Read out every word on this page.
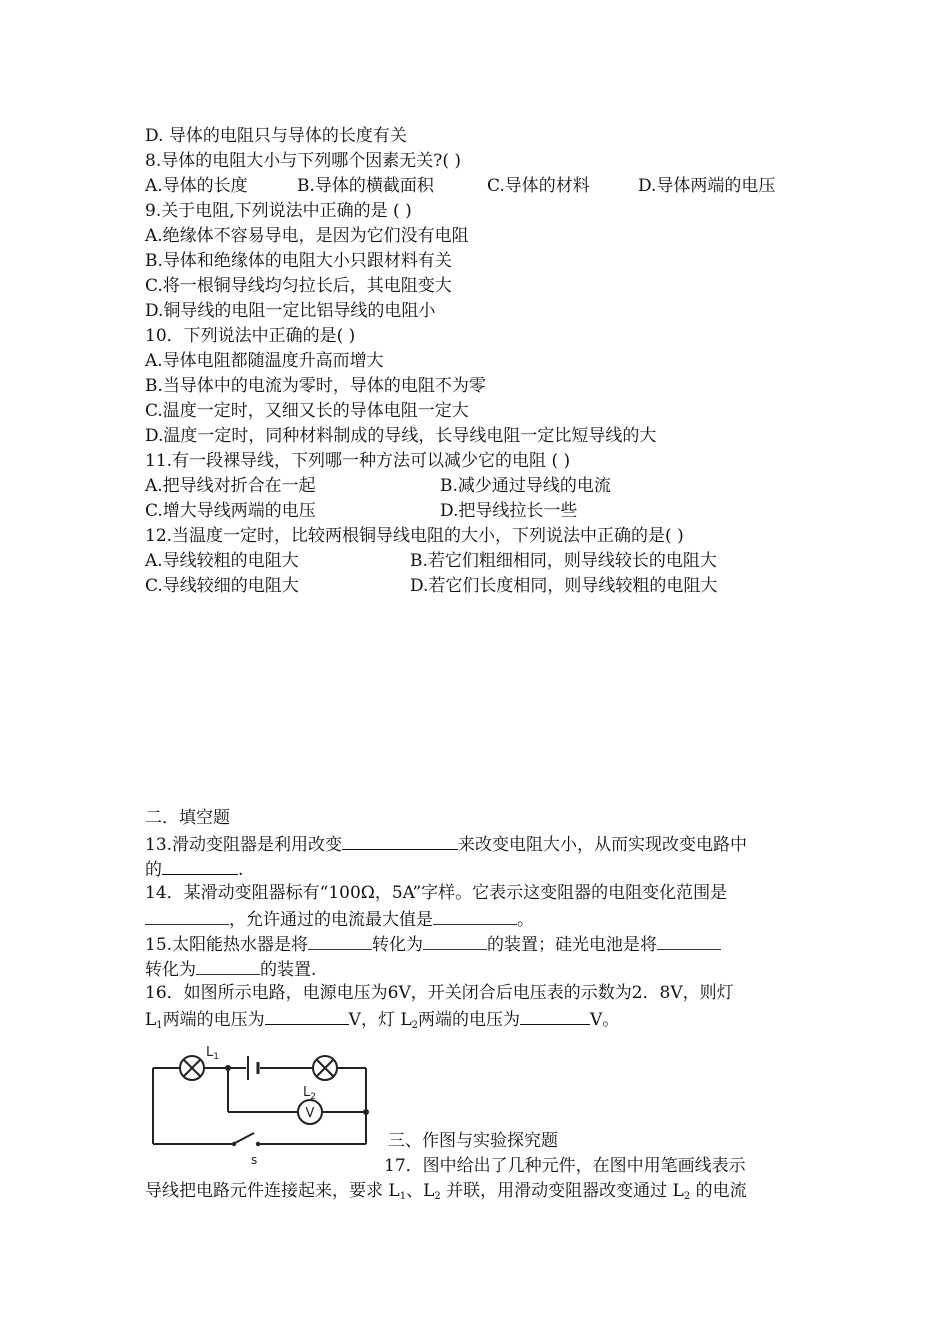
D. 导体的电阻只与导体的长度有关
8.导体的电阻大小与下列哪个因素无关?( )
A.导体的长度	B.导体的横截面积	C.导体的材料	D.导体两端的电压
9.关于电阻,下列说法中正确的是 ( )
A.绝缘体不容易导电，是因为它们没有电阻
B.导体和绝缘体的电阻大小只跟材料有关
C.将一根铜导线均匀拉长后，其电阻变大
D.铜导线的电阻一定比铝导线的电阻小
10．下列说法中正确的是( )
A.导体电阻都随温度升高而增大
B.当导体中的电流为零时，导体的电阻不为零
C.温度一定时，又细又长的导体电阻一定大
D.温度一定时，同种材料制成的导线，长导线电阻一定比短导线的大
11.有一段裸导线，下列哪一种方法可以减少它的电阻 ( )
A.把导线对折合在一起	B.减少通过导线的电流
C.增大导线两端的电压	D.把导线拉长一些
12.当温度一定时，比较两根铜导线电阻的大小，下列说法中正确的是( )
A.导线较粗的电阻大	B.若它们粗细相同，则导线较长的电阻大
C.导线较细的电阻大	D.若它们长度相同，则导线较粗的电阻大
二．填空题
13.滑动变阻器是利用改变	来改变电阻大小，从而实现改变电路中
的	.
14．某滑动变阻器标有“100Ω，5A”字样。它表示这变阻器的电阻变化范围是
，允许通过的电流最大值是	。
15.太阳能热水器是将	转化为	的装置；硅光电池是将
转化为	的装置.
16．如图所示电路，电源电压为6V，开关闭合后电压表的示数为2．8V，则灯
$L_1$两端的电压为	V，灯 $L_2$两端的电压为	V。
V
$L_1$
$L_2$
s
三、作图与实验探究题
17．图中给出了几种元件，在图中用笔画线表示
导线把电路元件连接起来，要求 $L_1$、$L_2$ 并联，用滑动变阻器改变通过 $L_2$ 的电流
